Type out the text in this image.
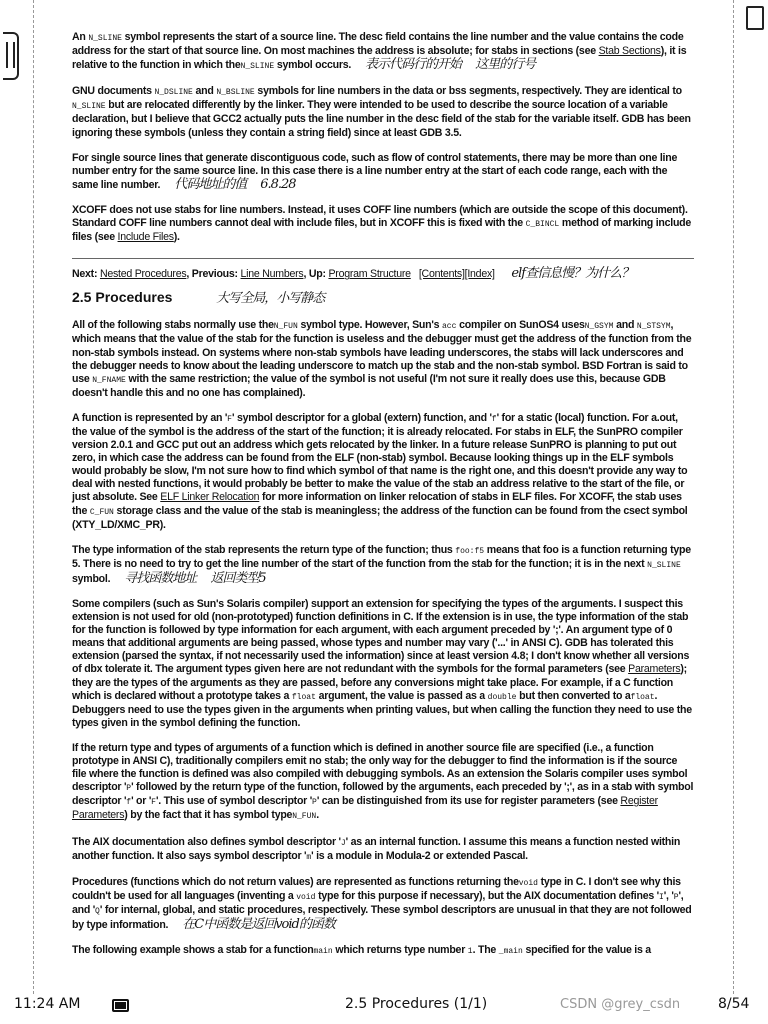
An N_SLINE symbol represents the start of a source line. The desc field contains the line number and the value contains the code address for the start of that source line. On most machines the address is absolute; for stabs in sections (see Stab Sections), it is relative to the function in which theN_SLINE symbol occurs. 表示代码行的开始 这里的行号

GNU documents N_DSLINE and N_BSLINE symbols for line numbers in the data or bss segments, respectively. They are identical to N_SLINE but are relocated differently by the linker. They were intended to be used to describe the source location of a variable declaration, but I believe that GCC2 actually puts the line number in the desc field of the stab for the variable itself. GDB has been ignoring these symbols (unless they contain a string field) since at least GDB 3.5.

For single source lines that generate discontiguous code, such as flow of control statements, there may be more than one line number entry for the same source line. In this case there is a line number entry at the start of each code range, each with the same line number. 代码地址的值 6.8.28

XCOFF does not use stabs for line numbers. Instead, it uses COFF line numbers (which are outside the scope of this document). Standard COFF line numbers cannot deal with include files, but in XCOFF this is fixed with the C_BINCL method of marking include files (see Include Files).

Next: Nested Procedures, Previous: Line Numbers, Up: Program Structure [Contents][Index] elf查信息慢？为什么？
2.5 Procedures	大写全局，小写静态

All of the following stabs normally use theN_FUN symbol type. However, Sun's acc compiler on SunOS4 usesN_GSYM and N_STSYM, which means that the value of the stab for the function is useless and the debugger must get the address of the function from the non-stab symbols instead. On systems where non-stab symbols have leading underscores, the stabs will lack underscores and the debugger needs to know about the leading underscore to match up the stab and the non-stab symbol. BSD Fortran is said to use N_FNAME with the same restriction; the value of the symbol is not useful (I'm not sure it really does use this, because GDB doesn't handle this and no one has complained).

A function is represented by an 'F' symbol descriptor for a global (extern) function, and 'f' for a static (local) function. For a.out, the value of the symbol is the address of the start of the function; it is already relocated. For stabs in ELF, the SunPRO compiler version 2.0.1 and GCC put out an address which gets relocated by the linker. In a future release SunPRO is planning to put out zero, in which case the address can be found from the ELF (non-stab) symbol. Because looking things up in the ELF symbols would probably be slow, I'm not sure how to find which symbol of that name is the right one, and this doesn't provide any way to deal with nested functions, it would probably be better to make the value of the stab an address relative to the start of the file, or just absolute. See ELF Linker Relocation for more information on linker relocation of stabs in ELF files. For XCOFF, the stab uses the C_FUN storage class and the value of the stab is meaningless; the address of the function can be found from the csect symbol (XTY_LD/XMC_PR).

The type information of the stab represents the return type of the function; thus foo:f5 means that foo is a function returning type 5. There is no need to try to get the line number of the start of the function from the stab for the function; it is in the next N_SLINE symbol. 寻找函数地址 返回类型5

Some compilers (such as Sun's Solaris compiler) support an extension for specifying the types of the arguments. I suspect this extension is not used for old (non-prototyped) function definitions in C. If the extension is in use, the type information of the stab for the function is followed by type information for each argument, with each argument preceded by ';'. An argument type of 0 means that additional arguments are being passed, whose types and number may vary ('...' in ANSI C). GDB has tolerated this extension (parsed the syntax, if not necessarily used the information) since at least version 4.8; I don't know whether all versions of dbx tolerate it. The argument types given here are not redundant with the symbols for the formal parameters (see Parameters); they are the types of the arguments as they are passed, before any conversions might take place. For example, if a C function which is declared without a prototype takes a float argument, the value is passed as a double but then converted to afloat. Debuggers need to use the types given in the arguments when printing values, but when calling the function they need to use the types given in the symbol defining the function.

If the return type and types of arguments of a function which is defined in another source file are specified (i.e., a function prototype in ANSI C), traditionally compilers emit no stab; the only way for the debugger to find the information is if the source file where the function is defined was also compiled with debugging symbols. As an extension the Solaris compiler uses symbol descriptor 'P' followed by the return type of the function, followed by the arguments, each preceded by ';', as in a stab with symbol descriptor 'f' or 'F'. This use of symbol descriptor 'P' can be distinguished from its use for register parameters (see Register Parameters) by the fact that it has symbol typeN_FUN.

The AIX documentation also defines symbol descriptor 'J' as an internal function. I assume this means a function nested within another function. It also says symbol descriptor 'm' is a module in Modula-2 or extended Pascal.

Procedures (functions which do not return values) are represented as functions returning thevoid type in C. I don't see why this couldn't be used for all languages (inventing a void type for this purpose if necessary), but the AIX documentation defines 'I', 'P', and 'Q' for internal, global, and static procedures, respectively. These symbol descriptors are unusual in that they are not followed by type information. 在C中函数是返回void的函数

The following example shows a stab for a functionmain which returns type number 1. The _main specified for the value is a

11:24 AM	2.5 Procedures (1/1)	CSDN @grey_csdn	8/54
